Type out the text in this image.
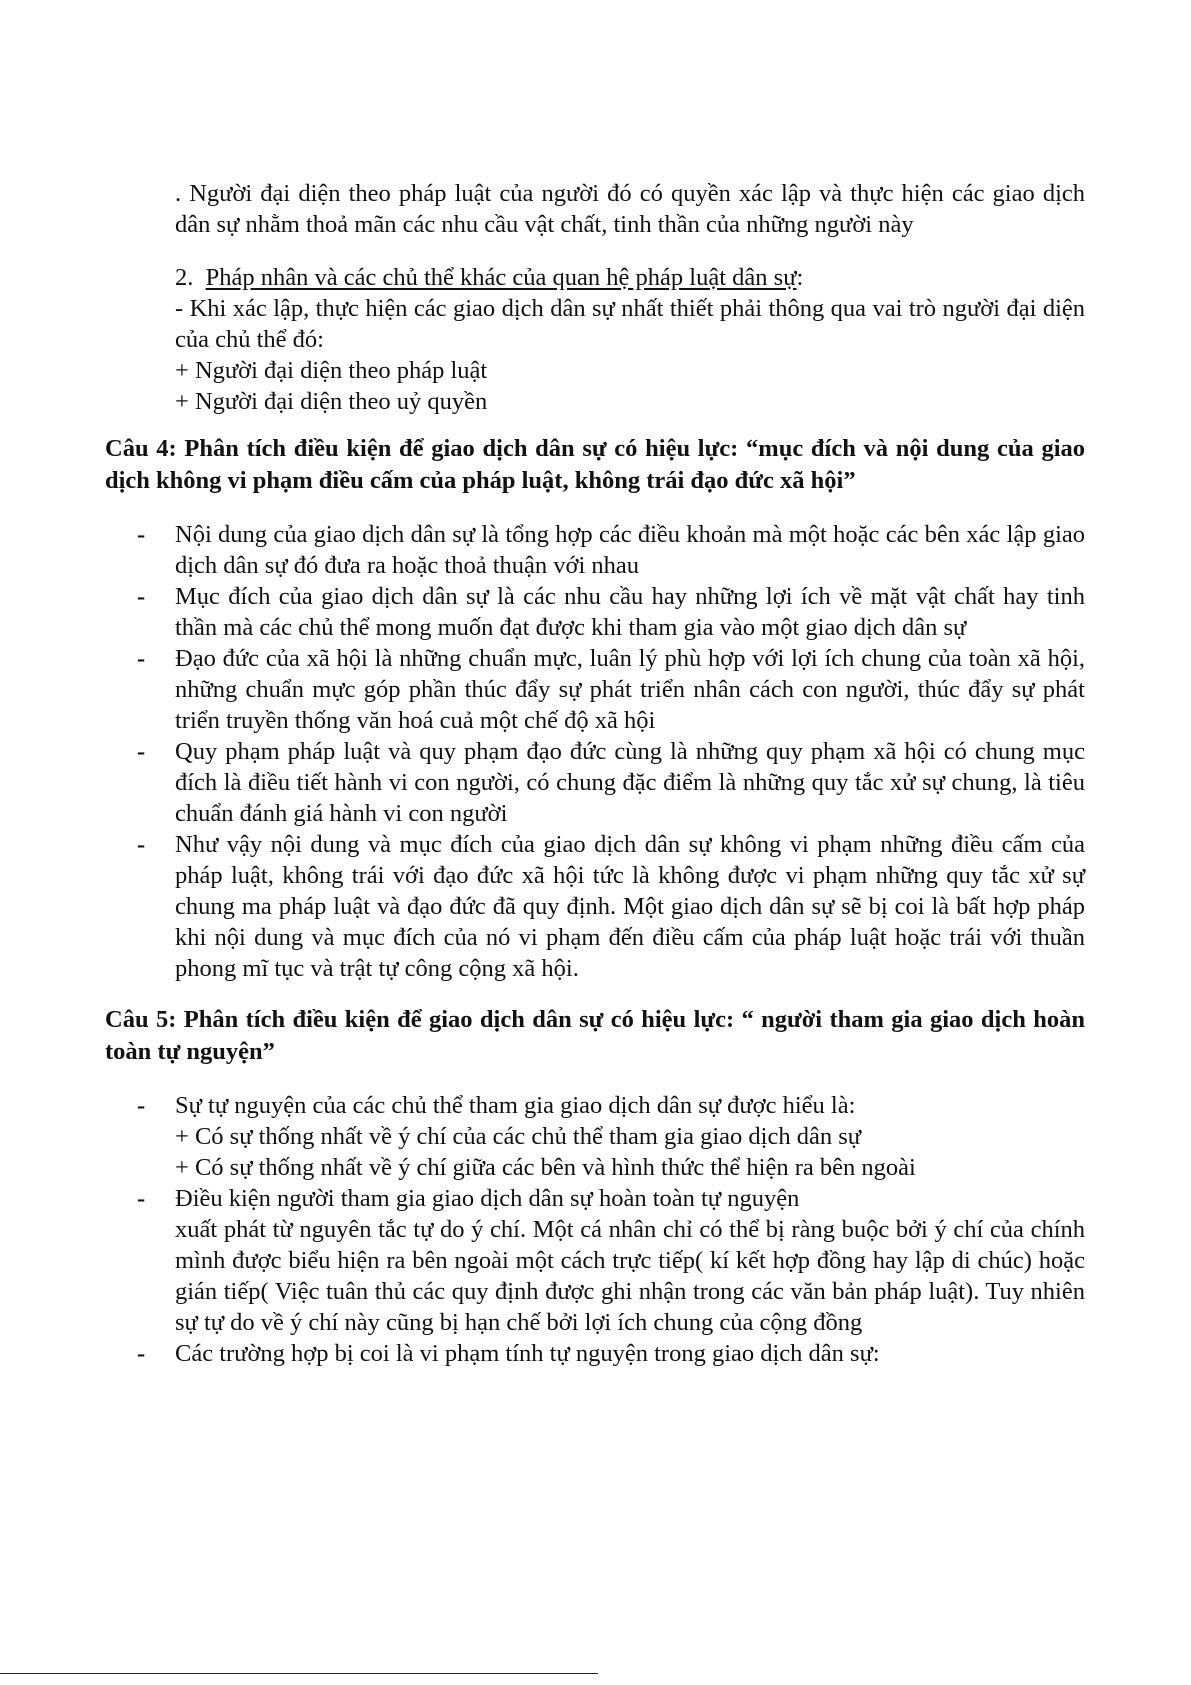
. Người đại diện theo pháp luật của người đó có quyền xác lập và thực hiện các giao dịch dân sự nhằm thoả mãn các nhu cầu vật chất, tinh thần của những người này
2. Pháp nhân và các chủ thể khác của quan hệ pháp luật dân sự:
- Khi xác lập, thực hiện các giao dịch dân sự nhất thiết phải thông qua vai trò người đại diện của chủ thể đó:
+ Người đại diện theo pháp luật
+ Người đại diện theo uỷ quyền
Câu 4: Phân tích điều kiện để giao dịch dân sự có hiệu lực: “mục đích và nội dung của giao dịch không vi phạm điều cấm của pháp luật, không trái đạo đức xã hội”
- Nội dung của giao dịch dân sự là tổng hợp các điều khoản mà một hoặc các bên xác lập giao dịch dân sự đó đưa ra hoặc thoả thuận với nhau
- Mục đích của giao dịch dân sự là các nhu cầu hay những lợi ích về mặt vật chất hay tinh thần mà các chủ thể mong muốn đạt được khi tham gia vào một giao dịch dân sự
- Đạo đức của xã hội là những chuẩn mực, luân lý phù hợp với lợi ích chung của toàn xã hội, những chuẩn mực góp phần thúc đẩy sự phát triển nhân cách con người, thúc đẩy sự phát triển truyền thống văn hoá cuả một chế độ xã hội
- Quy phạm pháp luật và quy phạm đạo đức cùng là những quy phạm xã hội có chung mục đích là điều tiết hành vi con người, có chung đặc điểm là những quy tắc xử sự chung, là tiêu chuẩn đánh giá hành vi con người
- Như vậy nội dung và mục đích của giao dịch dân sự không vi phạm những điều cấm của pháp luật, không trái với đạo đức xã hội tức là không được vi phạm những quy tắc xử sự chung ma pháp luật và đạo đức đã quy định. Một giao dịch dân sự sẽ bị coi là bất hợp pháp khi nội dung và mục đích của nó vi phạm đến điều cấm của pháp luật hoặc trái với thuần phong mĩ tục và trật tự công cộng xã hội.
Câu 5: Phân tích điều kiện để giao dịch dân sự có hiệu lực: “ người tham gia giao dịch hoàn toàn tự nguyện”
- Sự tự nguyện của các chủ thể tham gia giao dịch dân sự được hiểu là:
+ Có sự thống nhất về ý chí của các chủ thể tham gia giao dịch dân sự
+ Có sự thống nhất về ý chí giữa các bên và hình thức thể hiện ra bên ngoài
- Điều kiện người tham gia giao dịch dân sự hoàn toàn tự nguyện
xuất phát từ nguyên tắc tự do ý chí. Một cá nhân chỉ có thể bị ràng buộc bởi ý chí của chính mình được biểu hiện ra bên ngoài một cách trực tiếp( kí kết hợp đồng hay lập di chúc) hoặc gián tiếp( Việc tuân thủ các quy định được ghi nhận trong các văn bản pháp luật). Tuy nhiên sự tự do về ý chí này cũng bị hạn chế bởi lợi ích chung của cộng đồng
- Các trường hợp bị coi là vi phạm tính tự nguyện trong giao dịch dân sự:
